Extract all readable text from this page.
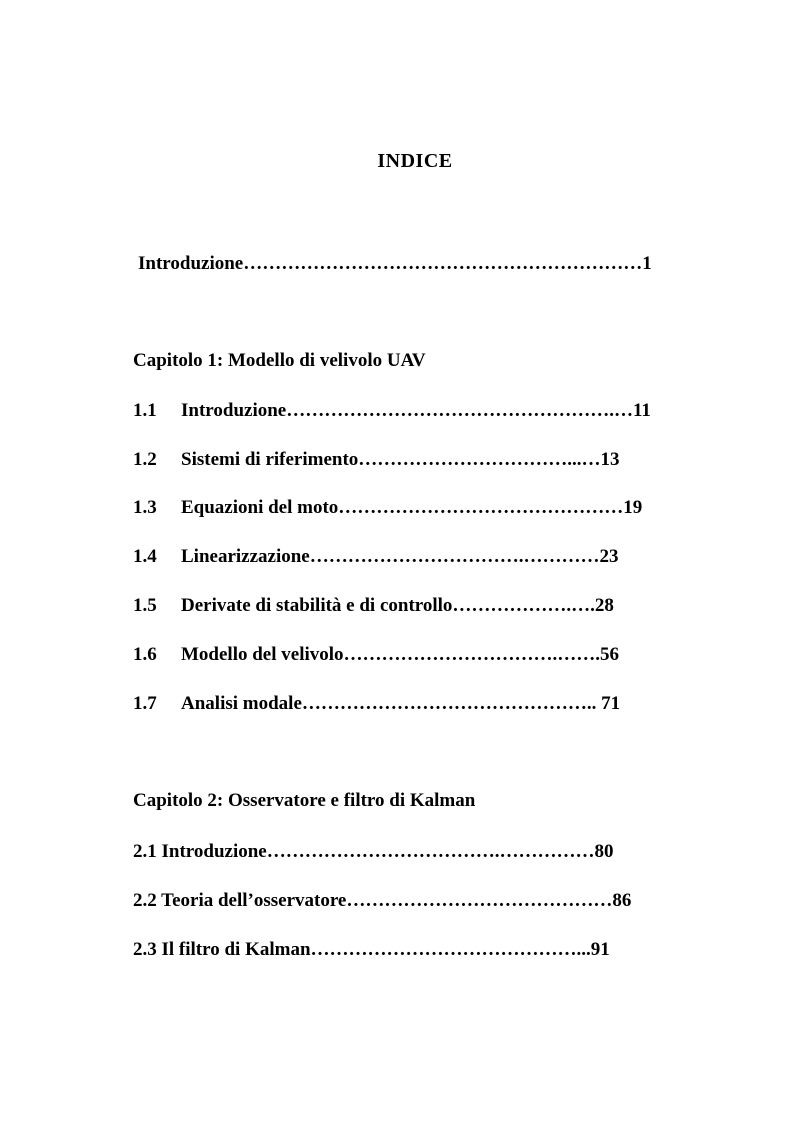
INDICE
Introduzione………………………………………………………1
Capitolo 1: Modello di velivolo UAV
1.1 Introduzione…………………………………………….…11
1.2 Sistemi di riferimento……………………………...…13
1.3 Equazioni del moto………………………………………19
1.4 Linearizzazione…………………………….…………23
1.5 Derivate di stabilità e di controllo……………….….28
1.6 Modello del velivolo…………………………….…….56
1.7 Analisi modale……………………………………….. 71
Capitolo 2: Osservatore e filtro di Kalman
2.1 Introduzione……………………………….……………80
2.2 Teoria dell’osservatore……………………………………86
2.3 Il filtro di Kalman……………………………………...91
